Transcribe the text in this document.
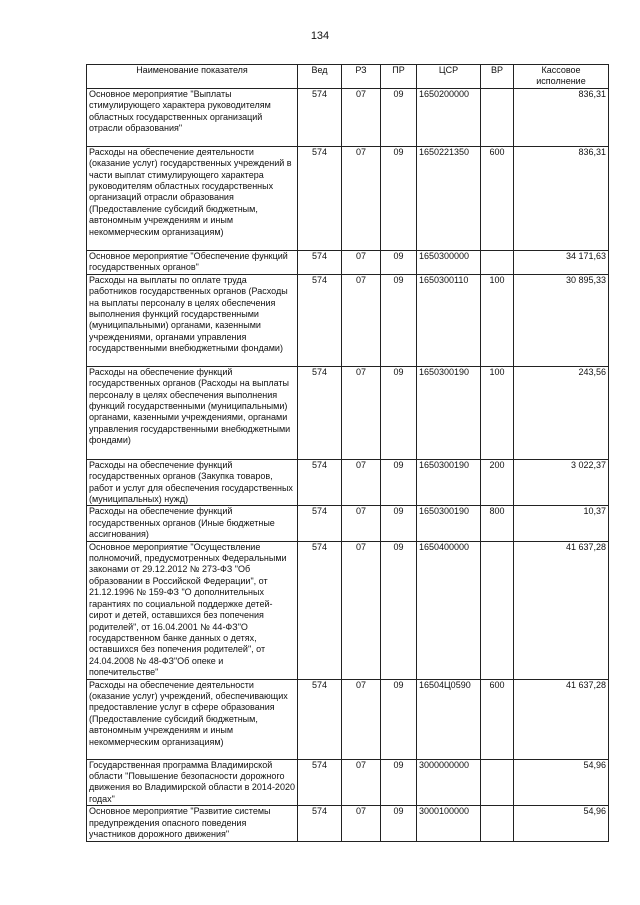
134
Наименование показателя	Вед	РЗ	ПР	ЦСР	ВР	Кассовое исполнение
Основное мероприятие "Выплаты стимулирующего характера руководителям областных государственных организаций отрасли образования"	574	07	09	1650200000		836,31
Расходы на обеспечение деятельности (оказание услуг) государственных учреждений в части выплат стимулирующего характера руководителям областных государственных организаций отрасли образования (Предоставление субсидий бюджетным, автономным учреждениям и иным некоммерческим организациям)	574	07	09	1650221350	600	836,31
Основное мероприятие "Обеспечение функций государственных органов"	574	07	09	1650300000		34 171,63
Расходы на выплаты по оплате труда работников государственных органов (Расходы на выплаты персоналу в целях обеспечения выполнения функций государственными (муниципальными) органами, казенными учреждениями, органами управления государственными внебюджетными фондами)	574	07	09	1650300110	100	30 895,33
Расходы на обеспечение функций государственных органов (Расходы на выплаты персоналу в целях обеспечения выполнения функций государственными (муниципальными) органами, казенными учреждениями, органами управления государственными внебюджетными фондами)	574	07	09	1650300190	100	243,56
Расходы на обеспечение функций государственных органов (Закупка товаров, работ и услуг для обеспечения государственных (муниципальных) нужд)	574	07	09	1650300190	200	3 022,37
Расходы на обеспечение функций государственных органов (Иные бюджетные ассигнования)	574	07	09	1650300190	800	10,37
Основное мероприятие "Осуществление полномочий, предусмотренных Федеральными законами от 29.12.2012 № 273-ФЗ "Об образовании в Российской Федерации", от 21.12.1996 № 159-ФЗ "О дополнительных гарантиях по социальной поддержке детей-сирот и детей, оставшихся без попечения родителей", от 16.04.2001 № 44-ФЗ"О государственном банке данных о детях, оставшихся без попечения родителей", от 24.04.2008 № 48-ФЗ"Об опеке и попечительстве"	574	07	09	1650400000		41 637,28
Расходы на обеспечение деятельности (оказание услуг) учреждений, обеспечивающих предоставление услуг в сфере образования (Предоставление субсидий бюджетным, автономным учреждениям и иным некоммерческим организациям)	574	07	09	16504Ц0590	600	41 637,28
Государственная программа Владимирской области "Повышение безопасности дорожного движения во Владимирской области в 2014-2020 годах"	574	07	09	3000000000		54,96
Основное мероприятие "Развитие системы предупреждения опасного поведения участников дорожного движения"	574	07	09	3000100000		54,96
